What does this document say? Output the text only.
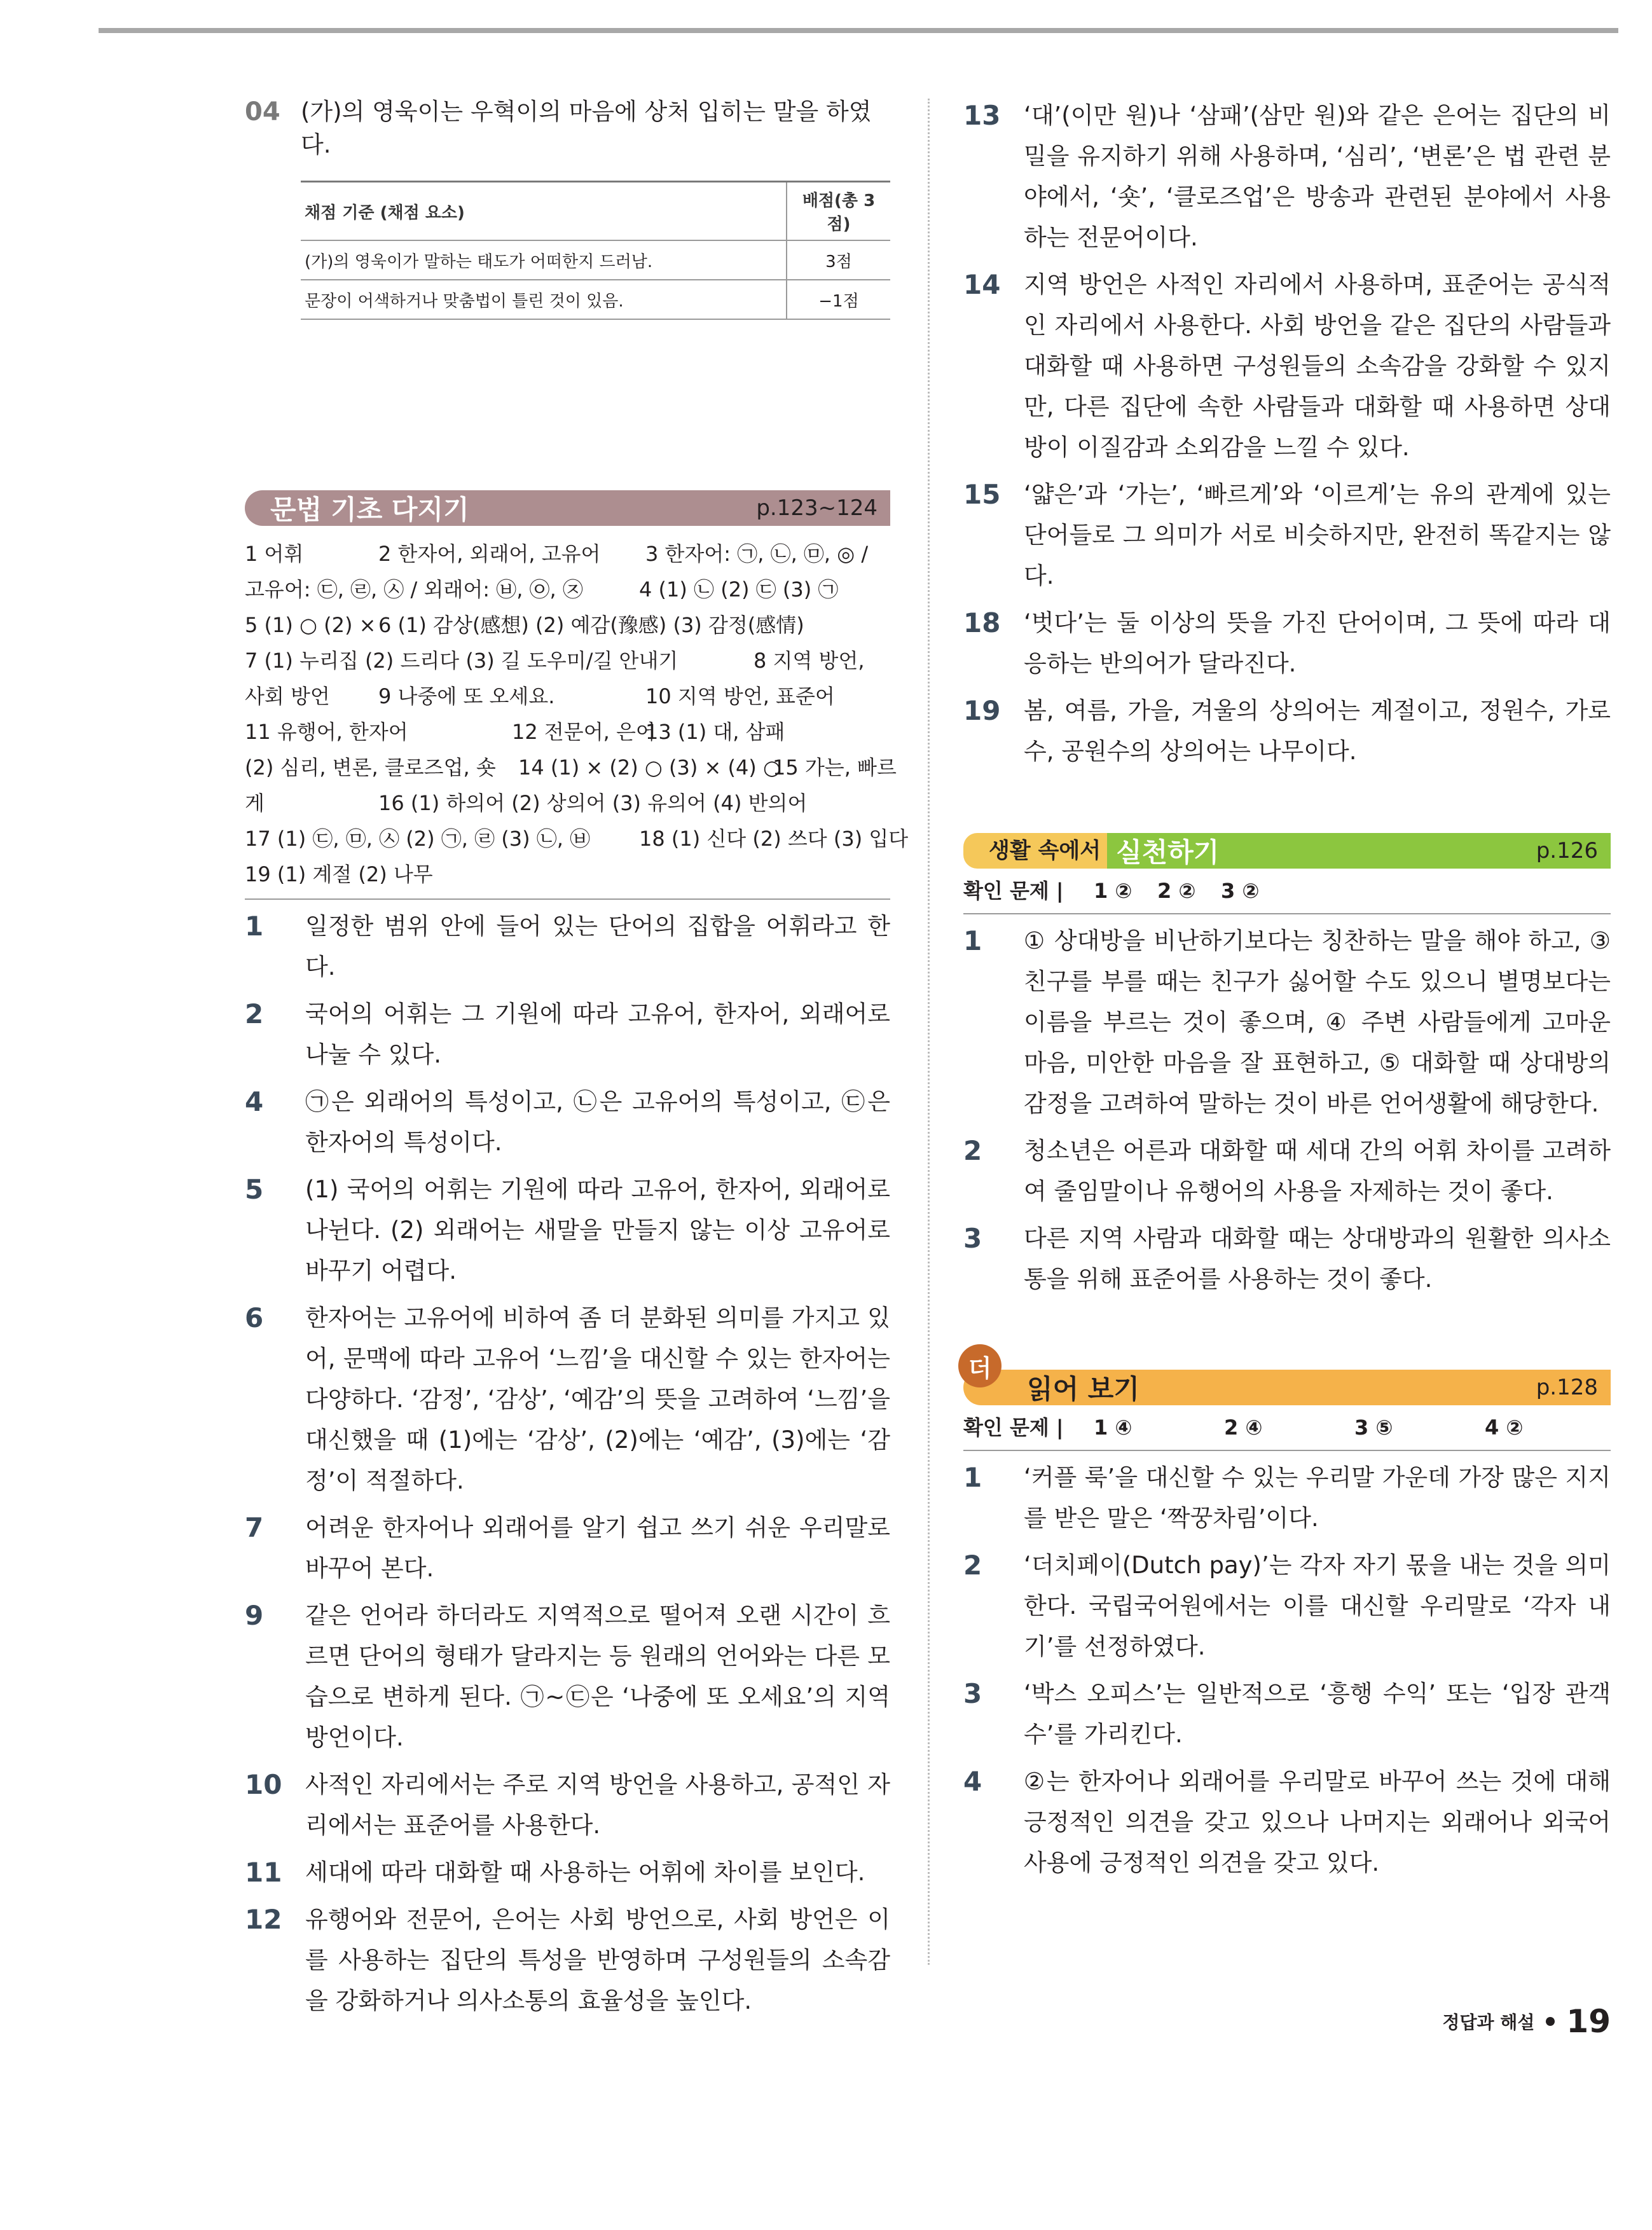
04 (가)의 영욱이는 우혁이의 마음에 상처 입히는 말을 하였다.
채점 기준 (채점 요소)	배점(총 3점)
(가)의 영욱이가 말하는 태도가 어떠한지 드러남.	3점
문장이 어색하거나 맞춤법이 틀린 것이 있음.	−1점
문법 기초 다지기	p.123~124
1 어휘	2 한자어, 외래어, 고유어	3 한자어: ㉠, ㉡, ㉤, ◎ /
고유어: ㉢, ㉣, ㉦ / 외래어: ㉥, ㉧, ㉨	4 (1) ㉡ (2) ㉢ (3) ㉠
5 (1) ○ (2) × 6 (1) 감상(感想) (2) 예감(豫感) (3) 감정(感情)
7 (1) 누리집 (2) 드리다 (3) 길 도우미/길 안내기	8 지역 방언,
사회 방언	9 나중에 또 오세요.	10 지역 방언, 표준어
11 유행어, 한자어	12 전문어, 은어
13 (1) 대, 삼패
(2) 심리, 변론, 클로즈업, 숏	14 (1) × (2) ○ (3) × (4) ○
15 가는, 빠르
게	16 (1) 하의어 (2) 상의어 (3) 유의어 (4) 반의어
17 (1) ㉢, ㉤, ㉦ (2) ㉠, ㉣ (3) ㉡, ㉥	18 (1) 신다 (2) 쓰다 (3) 입다
19 (1) 계절 (2) 나무
1	일정한 범위 안에 들어 있는 단어의 집합을 어휘라고 한다.
2	국어의 어휘는 그 기원에 따라 고유어, 한자어, 외래어로 나눌 수 있다.
4	㉠은 외래어의 특성이고, ㉡은 고유어의 특성이고, ㉢은 한자어의 특성이다.
5	(1) 국어의 어휘는 기원에 따라 고유어, 한자어, 외래어로 나뉜다. (2) 외래어는 새말을 만들지 않는 이상 고유어로 바꾸기 어렵다.
6	한자어는 고유어에 비하여 좀 더 분화된 의미를 가지고 있어, 문맥에 따라 고유어 ‘느낌’을 대신할 수 있는 한자어는 다양하다. ‘감정’, ‘감상’, ‘예감’의 뜻을 고려하여 ‘느낌’을 대신했을 때 (1)에는 ‘감상’, (2)에는 ‘예감’, (3)에는 ‘감정’이 적절하다.
7	어려운 한자어나 외래어를 알기 쉽고 쓰기 쉬운 우리말로 바꾸어 본다.
9	같은 언어라 하더라도 지역적으로 떨어져 오랜 시간이 흐르면 단어의 형태가 달라지는 등 원래의 언어와는 다른 모습으로 변하게 된다. ㉠~㉢은 ‘나중에 또 오세요’의 지역 방언이다.
10 사적인 자리에서는 주로 지역 방언을 사용하고, 공적인 자리에서는 표준어를 사용한다.
11 세대에 따라 대화할 때 사용하는 어휘에 차이를 보인다.
12 유행어와 전문어, 은어는 사회 방언으로, 사회 방언은 이를 사용하는 집단의 특성을 반영하며 구성원들의 소속감을 강화하거나 의사소통의 효율성을 높인다.
13 ‘대’(이만 원)나 ‘삼패’(삼만 원)와 같은 은어는 집단의 비밀을 유지하기 위해 사용하며, ‘심리’, ‘변론’은 법 관련 분야에서, ‘숏’, ‘클로즈업’은 방송과 관련된 분야에서 사용하는 전문어이다.
14 지역 방언은 사적인 자리에서 사용하며, 표준어는 공식적인 자리에서 사용한다. 사회 방언을 같은 집단의 사람들과 대화할 때 사용하면 구성원들의 소속감을 강화할 수 있지만, 다른 집단에 속한 사람들과 대화할 때 사용하면 상대방이 이질감과 소외감을 느낄 수 있다.
15 ‘얇은’과 ‘가는’, ‘빠르게’와 ‘이르게’는 유의 관계에 있는 단어들로 그 의미가 서로 비슷하지만, 완전히 똑같지는 않다.
18 ‘벗다’는 둘 이상의 뜻을 가진 단어이며, 그 뜻에 따라 대응하는 반의어가 달라진다.
19 봄, 여름, 가을, 겨울의 상의어는 계절이고, 정원수, 가로수, 공원수의 상의어는 나무이다.
생활 속에서 실천하기	p.126
확인 문제 |	1 ②	2 ②	3 ②
1	① 상대방을 비난하기보다는 칭찬하는 말을 해야 하고, ③ 친구를 부를 때는 친구가 싫어할 수도 있으니 별명보다는 이름을 부르는 것이 좋으며, ④ 주변 사람들에게 고마운 마음, 미안한 마음을 잘 표현하고, ⑤ 대화할 때 상대방의 감정을 고려하여 말하는 것이 바른 언어생활에 해당한다.
2	청소년은 어른과 대화할 때 세대 간의 어휘 차이를 고려하여 줄임말이나 유행어의 사용을 자제하는 것이 좋다.
3	다른 지역 사람과 대화할 때는 상대방과의 원활한 의사소통을 위해 표준어를 사용하는 것이 좋다.
더
읽어 보기	p.128
확인 문제 |	1 ④	2 ④	3 ⑤	4 ②
1	‘커플 룩’을 대신할 수 있는 우리말 가운데 가장 많은 지지를 받은 말은 ‘짝꿍차림’이다.
2	‘더치페이(Dutch pay)’는 각자 자기 몫을 내는 것을 의미한다. 국립국어원에서는 이를 대신할 우리말로 ‘각자 내기’를 선정하였다.
3	‘박스 오피스’는 일반적으로 ‘흥행 수익’ 또는 ‘입장 관객 수’를 가리킨다.
4	②는 한자어나 외래어를 우리말로 바꾸어 쓰는 것에 대해 긍정적인 의견을 갖고 있으나 나머지는 외래어나 외국어 사용에 긍정적인 의견을 갖고 있다.
정답과 해설 19
